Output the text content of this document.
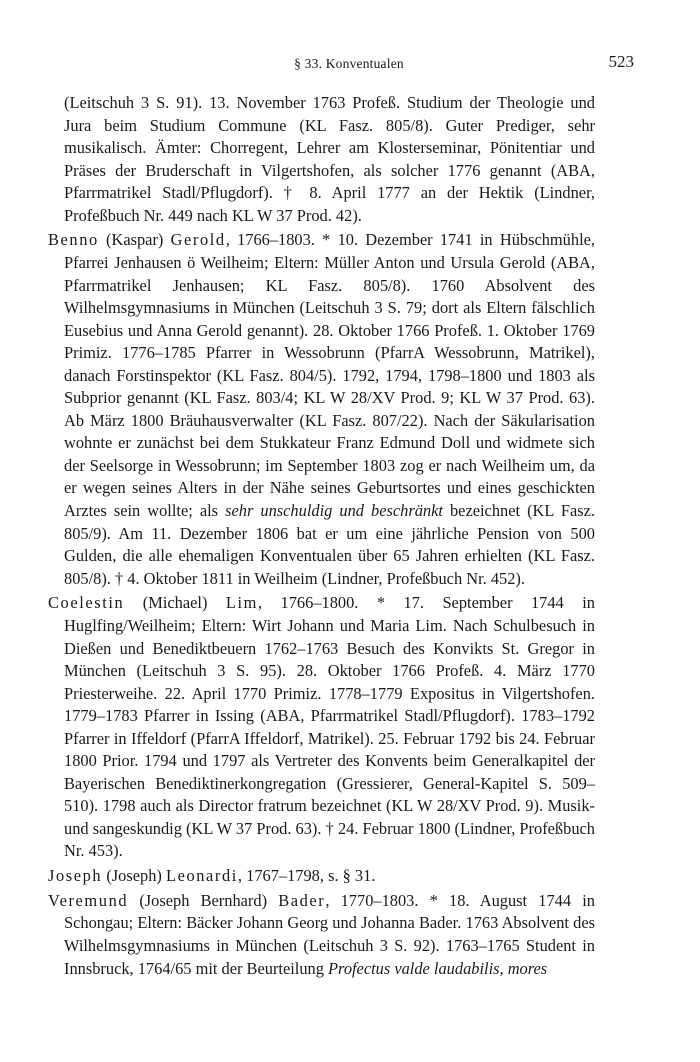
§ 33. Konventualen	523

(Leitschuh 3 S. 91). 13. November 1763 Profeß. Studium der Theologie und Jura beim Studium Commune (KL Fasz. 805/8). Guter Prediger, sehr musikalisch. Ämter: Chorregent, Lehrer am Klosterseminar, Pönitentiar und Präses der Bruderschaft in Vilgertshofen, als solcher 1776 genannt (ABA, Pfarrmatrikel Stadl/Pflugdorf). † 8. April 1777 an der Hektik (Lindner, Profeßbuch Nr. 449 nach KL W 37 Prod. 42).

Benno (Kaspar) Gerold, 1766–1803. * 10. Dezember 1741 in Hübschmühle, Pfarrei Jenhausen ö Weilheim; Eltern: Müller Anton und Ursula Gerold (ABA, Pfarrmatrikel Jenhausen; KL Fasz. 805/8). 1760 Absolvent des Wilhelmsgymnasiums in München (Leitschuh 3 S. 79; dort als Eltern fälschlich Eusebius und Anna Gerold genannt). 28. Oktober 1766 Profeß. 1. Oktober 1769 Primiz. 1776–1785 Pfarrer in Wessobrunn (PfarrA Wessobrunn, Matrikel), danach Forstinspektor (KL Fasz. 804/5). 1792, 1794, 1798–1800 und 1803 als Subprior genannt (KL Fasz. 803/4; KL W 28/XV Prod. 9; KL W 37 Prod. 63). Ab März 1800 Bräuhausverwalter (KL Fasz. 807/22). Nach der Säkularisation wohnte er zunächst bei dem Stukkateur Franz Edmund Doll und widmete sich der Seelsorge in Wessobrunn; im September 1803 zog er nach Weilheim um, da er wegen seines Alters in der Nähe seines Geburtsortes und eines geschickten Arztes sein wollte; als sehr unschuldig und beschränkt bezeichnet (KL Fasz. 805/9). Am 11. Dezember 1806 bat er um eine jährliche Pension von 500 Gulden, die alle ehemaligen Konventualen über 65 Jahren erhielten (KL Fasz. 805/8). † 4. Oktober 1811 in Weilheim (Lindner, Profeßbuch Nr. 452).

Coelestin (Michael) Lim, 1766–1800. * 17. September 1744 in Huglfing/Weilheim; Eltern: Wirt Johann und Maria Lim. Nach Schulbesuch in Dießen und Benediktbeuern 1762–1763 Besuch des Konvikts St. Gregor in München (Leitschuh 3 S. 95). 28. Oktober 1766 Profeß. 4. März 1770 Priesterweihe. 22. April 1770 Primiz. 1778–1779 Expositus in Vilgertshofen. 1779–1783 Pfarrer in Issing (ABA, Pfarrmatrikel Stadl/Pflugdorf). 1783–1792 Pfarrer in Iffeldorf (PfarrA Iffeldorf, Matrikel). 25. Februar 1792 bis 24. Februar 1800 Prior. 1794 und 1797 als Vertreter des Konvents beim Generalkapitel der Bayerischen Benediktinerkongregation (Gressierer, General-Kapitel S. 509–510). 1798 auch als Director fratrum bezeichnet (KL W 28/XV Prod. 9). Musik- und sangeskundig (KL W 37 Prod. 63). † 24. Februar 1800 (Lindner, Profeßbuch Nr. 453).

Joseph (Joseph) Leonardi, 1767–1798, s. § 31.

Veremund (Joseph Bernhard) Bader, 1770–1803. * 18. August 1744 in Schongau; Eltern: Bäcker Johann Georg und Johanna Bader. 1763 Absolvent des Wilhelmsgymnasiums in München (Leitschuh 3 S. 92). 1763–1765 Student in Innsbruck, 1764/65 mit der Beurteilung Profectus valde laudabilis, mores
